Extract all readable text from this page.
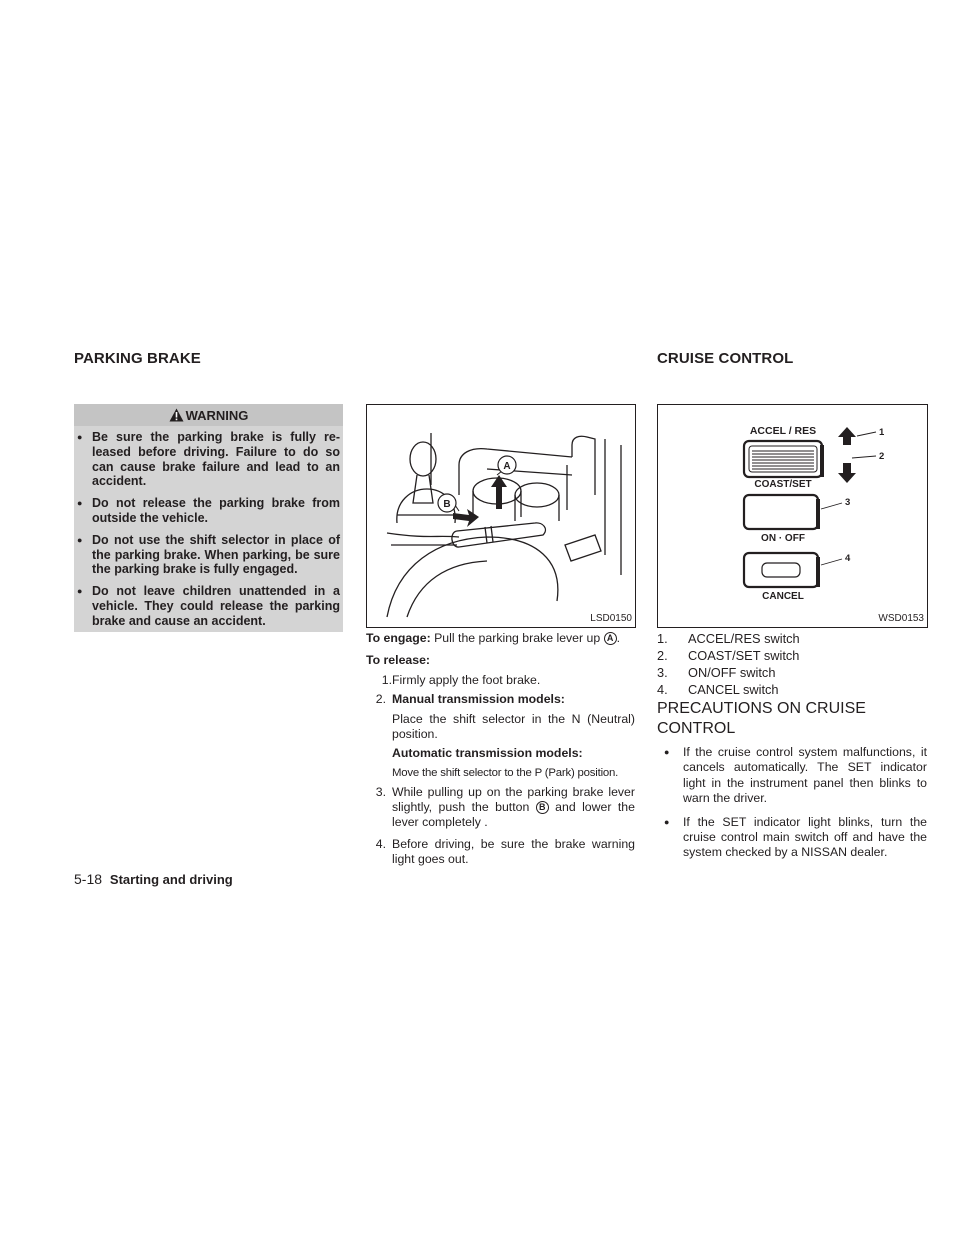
PARKING BRAKE
WARNING
● Be sure the parking brake is fully re-leased before driving. Failure to do so can cause brake failure and lead to an accident.
● Do not release the parking brake from outside the vehicle.
● Do not use the shift selector in place of the parking brake. When parking, be sure the parking brake is fully engaged.
● Do not leave children unattended in a vehicle. They could release the parking brake and cause an accident.
A
B
LSD0150
To engage: Pull the parking brake lever up A .
To release:
1. Firmly apply the foot brake.
2. Manual transmission models:
Place the shift selector in the N (Neutral) position.
Automatic transmission models:
Move the shift selector to the P (Park) position.
3. While pulling up on the parking brake lever slightly, push the button B and lower the lever completely .
4. Before driving, be sure the brake warning light goes out.
CRUISE CONTROL
ACCEL / RES
COAST/SET
ON · OFF
CANCEL
1
2
3
4
WSD0153
1.	ACCEL/RES switch
2.	COAST/SET switch
3.	ON/OFF switch
4.	CANCEL switch
PRECAUTIONS ON CRUISE CONTROL
● If the cruise control system malfunctions, it cancels automatically. The SET indicator light in the instrument panel then blinks to warn the driver.
● If the SET indicator light blinks, turn the cruise control main switch off and have the system checked by a NISSAN dealer.
5-18 Starting and driving
